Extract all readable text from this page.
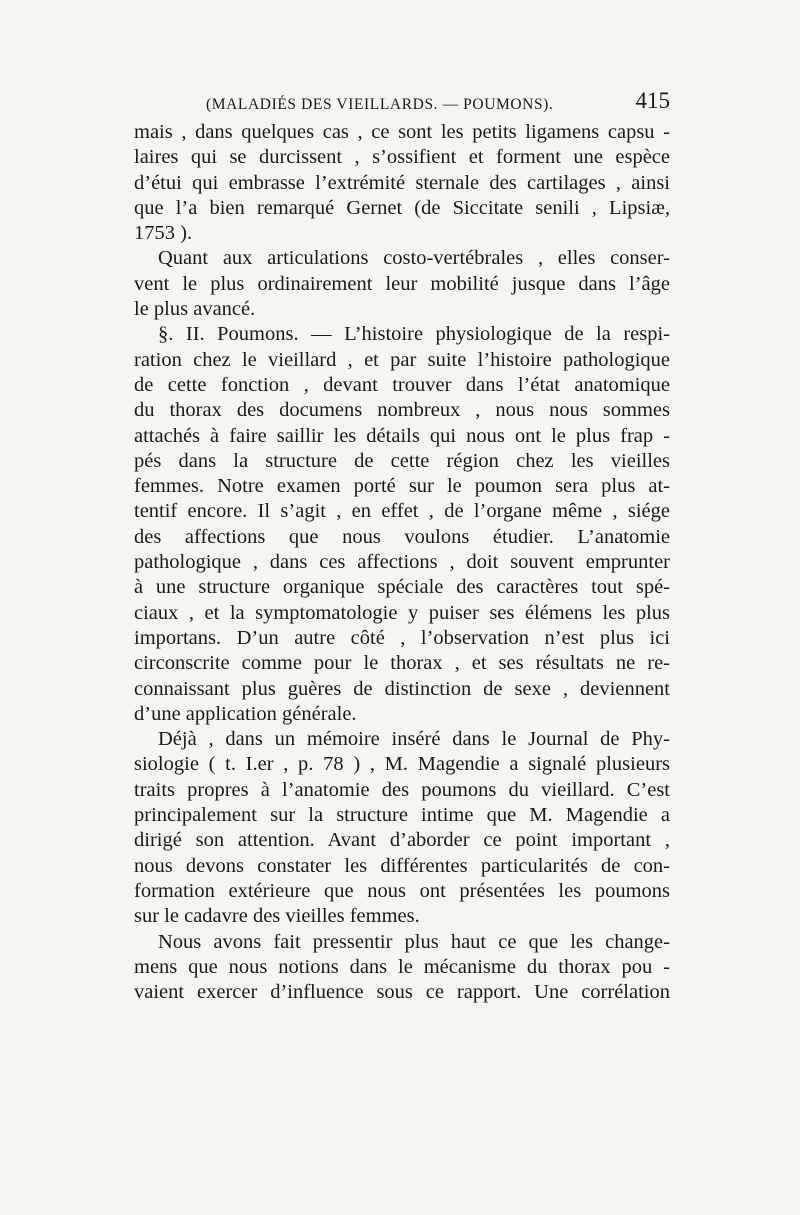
(MALADIÉS DES VIEILLARDS. — POUMONS).	415
mais , dans quelques cas , ce sont les petits ligamens capsu -
laires qui se durcissent , s’ossifient et forment une espèce
d’étui qui embrasse l’extrémité sternale des cartilages , ainsi
que l’a bien remarqué Gernet (de Siccitate senili , Lipsiæ,
1753 ).
Quant aux articulations costo-vertébrales , elles conser-
vent le plus ordinairement leur mobilité jusque dans l’âge
le plus avancé.
§. II. Poumons. — L’histoire physiologique de la respi-
ration chez le vieillard , et par suite l’histoire pathologique
de cette fonction , devant trouver dans l’état anatomique
du thorax des documens nombreux , nous nous sommes
attachés à faire saillir les détails qui nous ont le plus frap -
pés dans la structure de cette région chez les vieilles
femmes. Notre examen porté sur le poumon sera plus at-
tentif encore. Il s’agit , en effet , de l’organe même , siége
des affections que nous voulons étudier. L’anatomie
pathologique , dans ces affections , doit souvent emprunter
à une structure organique spéciale des caractères tout spé-
ciaux , et la symptomatologie y puiser ses élémens les plus
importans. D’un autre côté , l’observation n’est plus ici
circonscrite comme pour le thorax , et ses résultats ne re-
connaissant plus guères de distinction de sexe , deviennent
d’une application générale.
Déjà , dans un mémoire inséré dans le Journal de Phy-
siologie ( t. I.er , p. 78 ) , M. Magendie a signalé plusieurs
traits propres à l’anatomie des poumons du vieillard. C’est
principalement sur la structure intime que M. Magendie a
dirigé son attention. Avant d’aborder ce point important ,
nous devons constater les différentes particularités de con-
formation extérieure que nous ont présentées les poumons
sur le cadavre des vieilles femmes.
Nous avons fait pressentir plus haut ce que les change-
mens que nous notions dans le mécanisme du thorax pou -
vaient exercer d’influence sous ce rapport. Une corrélation
